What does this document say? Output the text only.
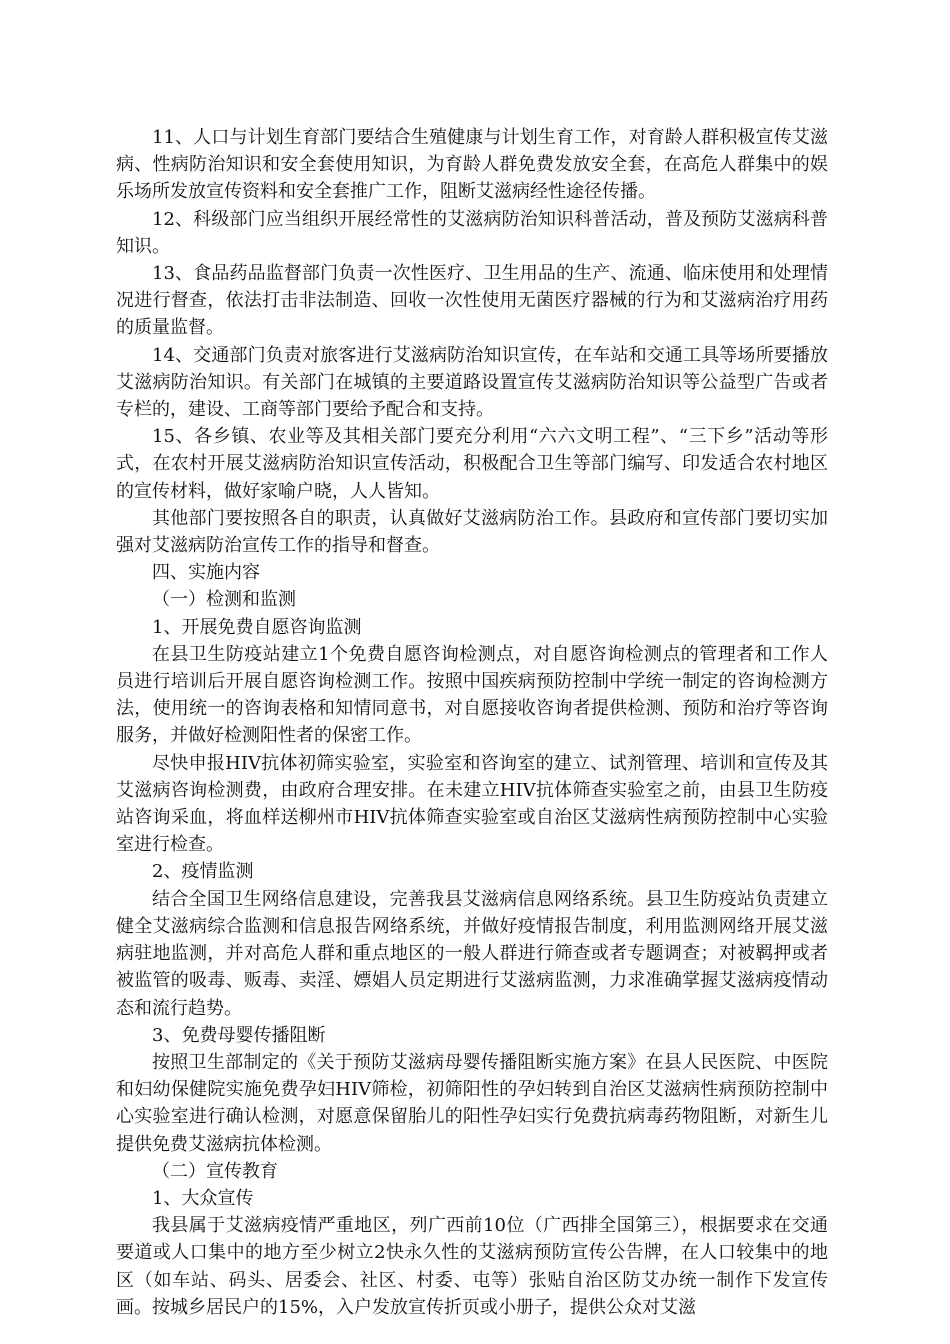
11、人口与计划生育部门要结合生殖健康与计划生育工作，对育龄人群积极宣传艾滋病、性病防治知识和安全套使用知识，为育龄人群免费发放安全套，在高危人群集中的娱乐场所发放宣传资料和安全套推广工作，阻断艾滋病经性途径传播。

12、科级部门应当组织开展经常性的艾滋病防治知识科普活动，普及预防艾滋病科普知识。

13、食品药品监督部门负责一次性医疗、卫生用品的生产、流通、临床使用和处理情况进行督查，依法打击非法制造、回收一次性使用无菌医疗器械的行为和艾滋病治疗用药的质量监督。

14、交通部门负责对旅客进行艾滋病防治知识宣传，在车站和交通工具等场所要播放艾滋病防治知识。有关部门在城镇的主要道路设置宣传艾滋病防治知识等公益型广告或者专栏的，建设、工商等部门要给予配合和支持。

15、各乡镇、农业等及其相关部门要充分利用“六六文明工程”、“三下乡”活动等形式，在农村开展艾滋病防治知识宣传活动，积极配合卫生等部门编写、印发适合农村地区的宣传材料，做好家喻户晓，人人皆知。

其他部门要按照各自的职责，认真做好艾滋病防治工作。县政府和宣传部门要切实加强对艾滋病防治宣传工作的指导和督查。

四、实施内容

（一）检测和监测

1、开展免费自愿咨询监测

在县卫生防疫站建立1个免费自愿咨询检测点，对自愿咨询检测点的管理者和工作人员进行培训后开展自愿咨询检测工作。按照中国疾病预防控制中学统一制定的咨询检测方法，使用统一的咨询表格和知情同意书，对自愿接收咨询者提供检测、预防和治疗等咨询服务，并做好检测阳性者的保密工作。

尽快申报HIV抗体初筛实验室，实验室和咨询室的建立、试剂管理、培训和宣传及其艾滋病咨询检测费，由政府合理安排。在未建立HIV抗体筛查实验室之前，由县卫生防疫站咨询采血，将血样送柳州市HIV抗体筛查实验室或自治区艾滋病性病预防控制中心实验室进行检查。

2、疫情监测

结合全国卫生网络信息建设，完善我县艾滋病信息网络系统。县卫生防疫站负责建立健全艾滋病综合监测和信息报告网络系统，并做好疫情报告制度，利用监测网络开展艾滋病驻地监测，并对高危人群和重点地区的一般人群进行筛查或者专题调查；对被羁押或者被监管的吸毒、贩毒、卖淫、嫖娼人员定期进行艾滋病监测，力求准确掌握艾滋病疫情动态和流行趋势。

3、免费母婴传播阻断

按照卫生部制定的《关于预防艾滋病母婴传播阻断实施方案》在县人民医院、中医院和妇幼保健院实施免费孕妇HIV筛检，初筛阳性的孕妇转到自治区艾滋病性病预防控制中心实验室进行确认检测，对愿意保留胎儿的阳性孕妇实行免费抗病毒药物阻断，对新生儿提供免费艾滋病抗体检测。

（二）宣传教育

1、大众宣传

我县属于艾滋病疫情严重地区，列广西前10位（广西排全国第三），根据要求在交通要道或人口集中的地方至少树立2快永久性的艾滋病预防宣传公告牌，在人口较集中的地区（如车站、码头、居委会、社区、村委、屯等）张贴自治区防艾办统一制作下发宣传画。按城乡居民户的15%，入户发放宣传折页或小册子，提供公众对艾滋
